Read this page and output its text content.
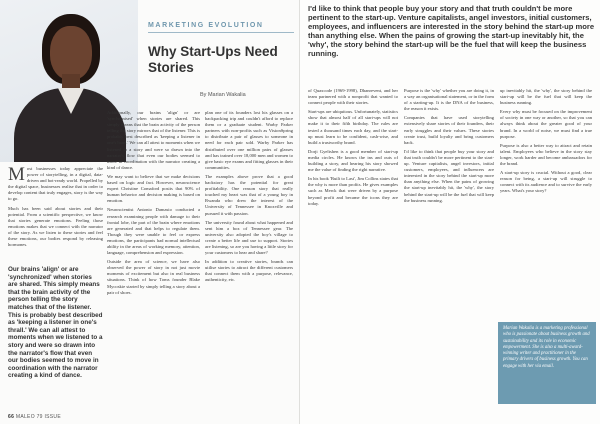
MARKETING EVOLUTION
Why Start-Ups Need Stories
By Marian Wakalia

Most businesses today appreciate the power of storytelling, in a digital, data-driven and bot-ready world. Propelled by the digital space, businesses realise that in order to develop content that truly engages, story is the way to go.

Much has been said about stories and their potential. From a scientific perspective, we know that stories generate emotions. Feeling those emotions makes that we connect with the narrator of the story. As we listen to these stories and feel these emotions, our bodies respond by releasing hormones.

Our brains 'align' or are 'synchronized' when stories are shared. This simply means that the brain activity of the person telling the story matches that of the listener. This is probably best described as 'keeping a listener in one's thrall.' We can all attest to moments when we listened to a story and were so drawn into the narrator's flow that even our bodies seemed to move in coordination with the narrator creating a kind of dance.

Additionally, our brains 'align' or are 'synchronised' when stories are shared. This simply means that the brain activity of the person telling the story mirrors that of the listener. This is probably best described as 'keeping a listener in one's hand.' We can all attest to moments when we listened to a story and were so drawn into the narrator's flow that even our bodies seemed to move in coordination with the narrator creating a kind of dance.

We may want to believe that we make decisions based on logic and fact. However, neuroscience expert Christine Comaford posits that 90% of human behavior and decision making is based on emotion.

Neuroscientist Antonio Damasio conducted a research examining people with damage to their frontal lobe, the part of the brain where emotions are generated and that helps to regulate them. Though they were unable to feel or express emotions, the participants had normal intellectual ability in the areas of working memory, attention, language, comprehension and expression.

Outside the area of science, we have also observed the power of story in not just movie moments of excitement but also in real business situations. Think of how Toms founder Blake Mycoskie started by simply telling a story about a pair of shoes.

plan one of its founders lost his glasses on a backpacking trip and couldn't afford to replace them or a graduate student. Warby Parker partners with non-profits such as VisionSpring to distribute a pair of glasses to someone in need for each pair sold. Warby Parker has distributed over one million pairs of glasses and has trained over 18,000 men and women to give basic eye exams and fitting glasses in their communities.

The examples above prove that a good backstory has the potential for great profitability. One reason story that really touched my heart was that of a young boy in Rwanda who drew the interest of the University of Tennessee in Knoxville and pursued it with passion.

The university found about what happened and sent him a box of Tennessee gear. The university also adopted the boy's village to create a better life and use to support. Stories are listening, so are you having a little story for your customers to hear and share?

In addition to creative stories, brands can utilise stories to attract the different customers that connect them with a purpose, relevance, authenticity, etc.

66 MALEO 79 ISSUE

I'd like to think that people buy your story and that truth couldn't be more pertinent to the start-up. Venture capitalists, angel investors, initial customers, employees, and influencers are interested in the story behind the start-up more than anything else. When the pains of growing the start-up inevitably hit, the 'why', the story behind the start-up will be the fuel that will keep the business running.

of Quaxcode (1969-1998), Dhanrevent, and her team partnered with a nonprofit that wanted to connect people with their stories.

Start-ups are ubiquitous. Unfortunately, statistics show that almost half of all start-ups will not make it to their fifth birthday. The rules are tested a thousand times each day, and the start-up must learn to be confident, cash-wise, and build a trustworthy brand.

Dorji Gyeltshen is a good member of start-up media circles. He knows the ins and outs of building a story, and hearing his story showed me the value of finding the right narrative.

In his book 'Built to Last', Jim Collins states that the why is more than profits. He gives examples such as Merck that were driven by a purpose beyond profit and became the icons they are today.

Purpose is the 'why' whether you are doing it, in a way an organisational statement, or in the form of a starting-up. It is the DNA of the business, the reason it exists.

Companies that have used storytelling extensively share stories of their founders, their early struggles and their values. These stories create trust, build loyalty and bring customers back.

I'd like to think that people buy your story and that truth couldn't be more pertinent to the start-up. Venture capitalists, angel investors, initial customers, employees, and influencers are interested in the story behind the start-up more than anything else. When the pains of growing the start-up inevitably hit, the 'why', the story behind the start-up will be the fuel that will keep the business running.

up inevitably hit, the 'why', the story behind the start-up will be the fuel that will keep the business running.

Every why must be focused on the improvement of society in one way or another, so that you can always think about the greater good of your brand. In a world of noise, we must find a true purpose.

Purpose is also a better way to attract and retain talent. Employees who believe in the story stay longer, work harder and become ambassadors for the brand.

A start-up story is crucial. Without a good, clear reason for being, a start-up will struggle to connect with its audience and to survive the early years. What's your story?

Marian Wakalia is a marketing professional who is passionate about business growth and sustainability and its role in economic empowerment. She is also a multi-award-winning writer and practitioner in the primary drivers of business growth. You can engage with her via email.
